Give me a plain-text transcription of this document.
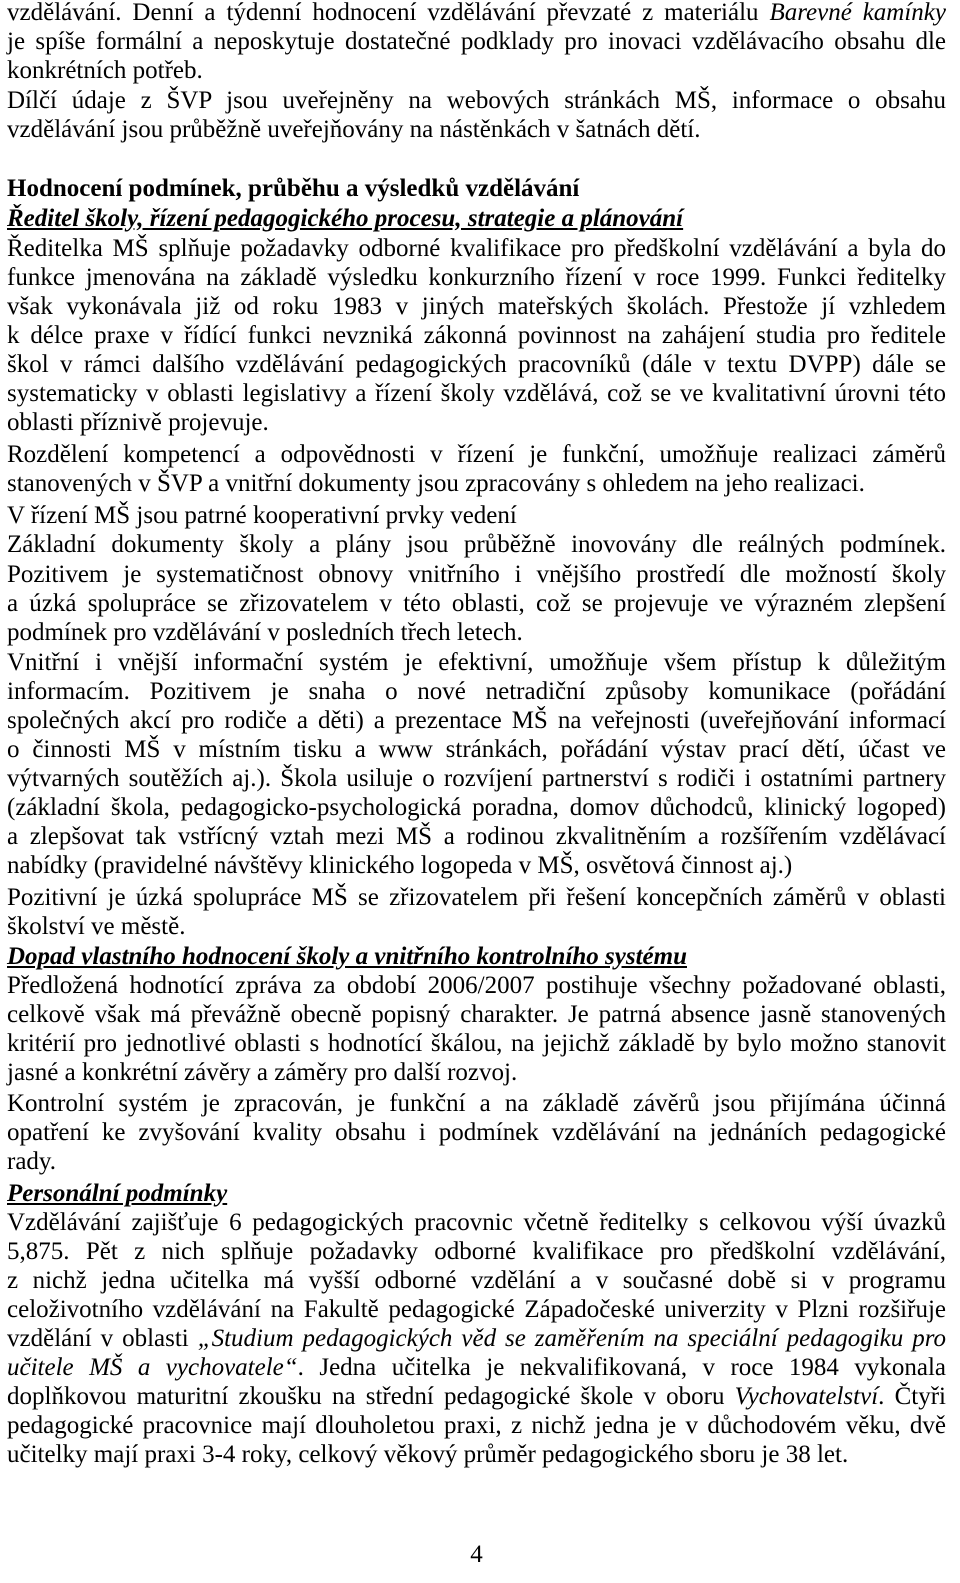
vzdělávání. Denní a týdenní hodnocení vzdělávání převzaté z materiálu Barevné kamínky
je spíše formální a neposkytuje dostatečné podklady pro inovaci vzdělávacího obsahu dle
konkrétních potřeb.
Dílčí údaje z ŠVP jsou uveřejněny na webových stránkách MŠ, informace o obsahu
vzdělávání jsou průběžně uveřejňovány na nástěnkách v šatnách dětí.
Hodnocení podmínek, průběhu a výsledků vzdělávání
Ředitel školy, řízení pedagogického procesu, strategie a plánování
Ředitelka MŠ splňuje požadavky odborné kvalifikace pro předškolní vzdělávání a byla do
funkce jmenována na základě výsledku konkurzního řízení v roce 1999. Funkci ředitelky
však vykonávala již od roku 1983 v jiných mateřských školách. Přestože jí vzhledem
k délce praxe v řídící funkci nevzniká zákonná povinnost na zahájení studia pro ředitele
škol v rámci dalšího vzdělávání pedagogických pracovníků (dále v textu DVPP) dále se
systematicky v oblasti legislativy a řízení školy vzdělává, což se ve kvalitativní úrovni této
oblasti příznivě projevuje.
Rozdělení kompetencí a odpovědnosti v řízení je funkční, umožňuje realizaci záměrů
stanovených v ŠVP a vnitřní dokumenty jsou zpracovány s ohledem na jeho realizaci.
V řízení MŠ jsou patrné kooperativní prvky vedení
Základní dokumenty školy a plány jsou průběžně inovovány dle reálných podmínek.
Pozitivem je systematičnost obnovy vnitřního i vnějšího prostředí dle možností školy
a úzká spolupráce se zřizovatelem v této oblasti, což se projevuje ve výrazném zlepšení
podmínek pro vzdělávání v posledních třech letech.
Vnitřní i vnější informační systém je efektivní, umožňuje všem přístup k důležitým
informacím. Pozitivem je snaha o nové netradiční způsoby komunikace (pořádání
společných akcí pro rodiče a děti) a prezentace MŠ na veřejnosti (uveřejňování informací
o činnosti MŠ v místním tisku a www stránkách, pořádání výstav prací dětí, účast ve
výtvarných soutěžích aj.). Škola usiluje o rozvíjení partnerství s rodiči i ostatními partnery
(základní škola, pedagogicko-psychologická poradna, domov důchodců, klinický logoped)
a zlepšovat tak vstřícný vztah mezi MŠ a rodinou zkvalitněním a rozšířením vzdělávací
nabídky (pravidelné návštěvy klinického logopeda v MŠ, osvětová činnost aj.)
Pozitivní je úzká spolupráce MŠ se zřizovatelem při řešení koncepčních záměrů v oblasti
školství ve městě.
Dopad vlastního hodnocení školy a vnitřního kontrolního systému
Předložená hodnotící zpráva za období 2006/2007 postihuje všechny požadované oblasti,
celkově však má převážně obecně popisný charakter. Je patrná absence jasně stanovených
kritérií pro jednotlivé oblasti s hodnotící škálou, na jejichž základě by bylo možno stanovit
jasné a konkrétní závěry a záměry pro další rozvoj.
Kontrolní systém je zpracován, je funkční a na základě závěrů jsou přijímána účinná
opatření ke zvyšování kvality obsahu i podmínek vzdělávání na jednáních pedagogické
rady.
Personální podmínky
Vzdělávání zajišťuje 6 pedagogických pracovnic včetně ředitelky s celkovou výší úvazků
5,875. Pět z nich splňuje požadavky odborné kvalifikace pro předškolní vzdělávání,
z nichž jedna učitelka má vyšší odborné vzdělání a v současné době si v programu
celoživotního vzdělávání na Fakultě pedagogické Západočeské univerzity v Plzni rozšiřuje
vzdělání v oblasti „Studium pedagogických věd se zaměřením na speciální pedagogiku pro
učitele MŠ a vychovatele“. Jedna učitelka je nekvalifikovaná, v roce 1984 vykonala
doplňkovou maturitní zkoušku na střední pedagogické škole v oboru Vychovatelství. Čtyři
pedagogické pracovnice mají dlouholetou praxi, z nichž jedna je v důchodovém věku, dvě
učitelky mají praxi 3-4 roky, celkový věkový průměr pedagogického sboru je 38 let.
4
